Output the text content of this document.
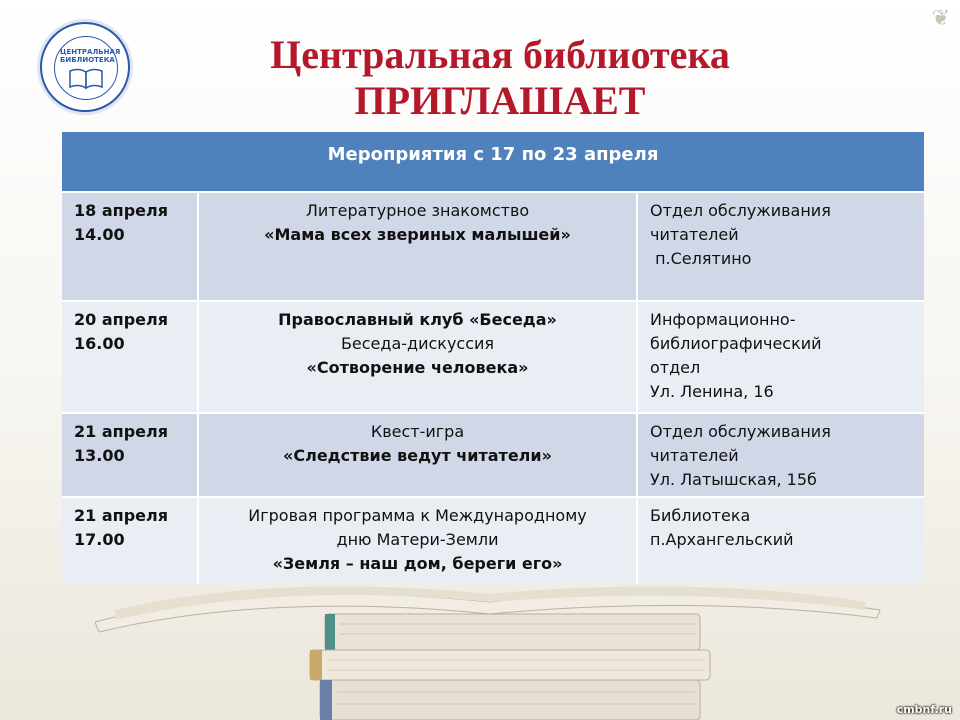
❦
ЦЕНТРАЛЬНАЯ БИБЛИОТЕКА	Центральная библиотека
ПРИГЛАШАЕТ
Мероприятия с 17 по 23 апреля
18 апреля
14.00
Литературное знакомство
«Мама всех звериных малышей»
Отдел обслуживания
читателей
п.Селятино
20 апреля
16.00
Православный клуб «Беседа»
Беседа-дискуссия
«Сотворение человека»
Информационно-
библиографический
отдел
Ул. Ленина, 16
21 апреля
13.00
Квест-игра
«Следствие ведут читатели»
Отдел обслуживания
читателей
Ул. Латышская, 15б
21 апреля
17.00
Игровая программа к Международному
дню Матери-Земли
«Земля – наш дом, береги его»
Библиотека
п.Архангельский
cmbnf.ru
